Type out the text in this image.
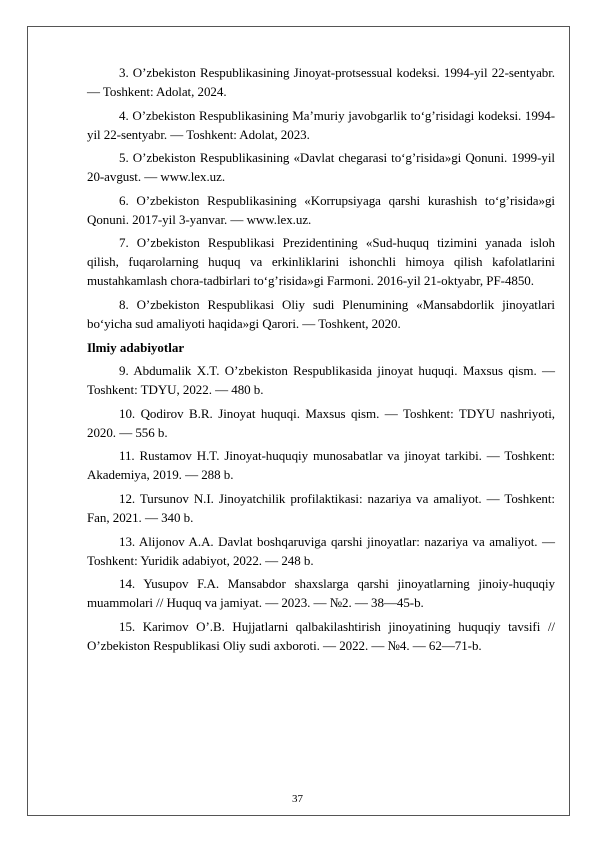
3. O’zbekiston Respublikasining Jinoyat-protsessual kodeksi. 1994-yil 22-sentyabr. — Toshkent: Adolat, 2024.

4. O’zbekiston Respublikasining Ma’muriy javobgarlik to‘g’risidagi kodeksi. 1994-yil 22-sentyabr. — Toshkent: Adolat, 2023.

5. O’zbekiston Respublikasining «Davlat chegarasi to‘g’risida»gi Qonuni. 1999-yil 20-avgust. — www.lex.uz.

6. O’zbekiston Respublikasining «Korrupsiyaga qarshi kurashish to‘g’risida»gi Qonuni. 2017-yil 3-yanvar. — www.lex.uz.

7. O’zbekiston Respublikasi Prezidentining «Sud-huquq tizimini yanada isloh qilish, fuqarolarning huquq va erkinliklarini ishonchli himoya qilish kafolatlarini mustahkamlash chora-tadbirlari to‘g’risida»gi Farmoni. 2016-yil 21-oktyabr, PF-4850.

8. O’zbekiston Respublikasi Oliy sudi Plenumining «Mansabdorlik jinoyatlari bo‘yicha sud amaliyoti haqida»gi Qarori. — Toshkent, 2020.

Ilmiy adabiyotlar

9. Abdumalik X.T. O’zbekiston Respublikasida jinoyat huquqi. Maxsus qism. — Toshkent: TDYU, 2022. — 480 b.

10. Qodirov B.R. Jinoyat huquqi. Maxsus qism. — Toshkent: TDYU nashriyoti, 2020. — 556 b.

11. Rustamov H.T. Jinoyat-huquqiy munosabatlar va jinoyat tarkibi. — Toshkent: Akademiya, 2019. — 288 b.

12. Tursunov N.I. Jinoyatchilik profilaktikasi: nazariya va amaliyot. — Toshkent: Fan, 2021. — 340 b.

13. Alijonov A.A. Davlat boshqaruviga qarshi jinoyatlar: nazariya va amaliyot. — Toshkent: Yuridik adabiyot, 2022. — 248 b.

14. Yusupov F.A. Mansabdor shaxslarga qarshi jinoyatlarning jinoiy-huquqiy muammolari // Huquq va jamiyat. — 2023. — №2. — 38—45-b.

15. Karimov O’.B. Hujjatlarni qalbakilashtirish jinoyatining huquqiy tavsifi // O’zbekiston Respublikasi Oliy sudi axboroti. — 2022. — №4. — 62—71-b.

37
